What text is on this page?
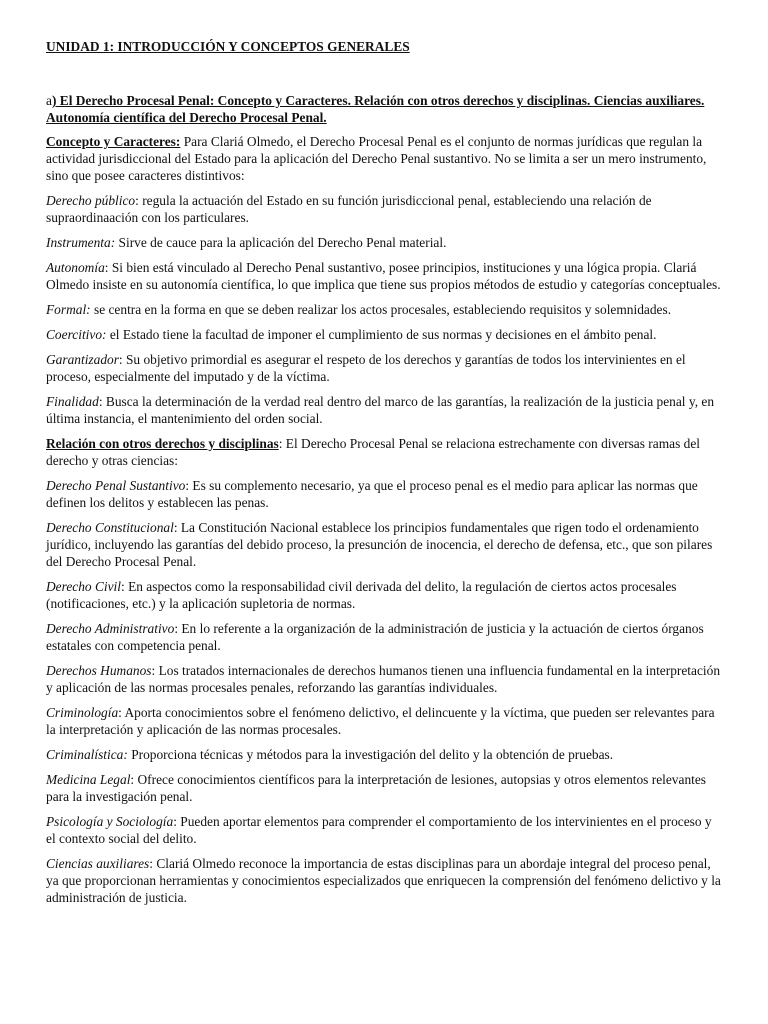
UNIDAD 1: INTRODUCCIÓN Y CONCEPTOS GENERALES
a) El Derecho Procesal Penal: Concepto y Caracteres. Relación con otros derechos y disciplinas. Ciencias auxiliares. Autonomía científica del Derecho Procesal Penal.

Concepto y Caracteres: Para Clariá Olmedo, el Derecho Procesal Penal es el conjunto de normas jurídicas que regulan la actividad jurisdiccional del Estado para la aplicación del Derecho Penal sustantivo. No se limita a ser un mero instrumento, sino que posee caracteres distintivos:

Derecho público: regula la actuación del Estado en su función jurisdiccional penal, estableciendo una relación de supraordinaación con los particulares.

Instrumenta: Sirve de cauce para la aplicación del Derecho Penal material.

Autonomía: Si bien está vinculado al Derecho Penal sustantivo, posee principios, instituciones y una lógica propia. Clariá Olmedo insiste en su autonomía científica, lo que implica que tiene sus propios métodos de estudio y categorías conceptuales.

Formal: se centra en la forma en que se deben realizar los actos procesales, estableciendo requisitos y solemnidades.

Coercitivo: el Estado tiene la facultad de imponer el cumplimiento de sus normas y decisiones en el ámbito penal.

Garantizador: Su objetivo primordial es asegurar el respeto de los derechos y garantías de todos los intervinientes en el proceso, especialmente del imputado y de la víctima.

Finalidad: Busca la determinación de la verdad real dentro del marco de las garantías, la realización de la justicia penal y, en última instancia, el mantenimiento del orden social.

Relación con otros derechos y disciplinas: El Derecho Procesal Penal se relaciona estrechamente con diversas ramas del derecho y otras ciencias:

Derecho Penal Sustantivo: Es su complemento necesario, ya que el proceso penal es el medio para aplicar las normas que definen los delitos y establecen las penas.

Derecho Constitucional: La Constitución Nacional establece los principios fundamentales que rigen todo el ordenamiento jurídico, incluyendo las garantías del debido proceso, la presunción de inocencia, el derecho de defensa, etc., que son pilares del Derecho Procesal Penal.

Derecho Civil: En aspectos como la responsabilidad civil derivada del delito, la regulación de ciertos actos procesales (notificaciones, etc.) y la aplicación supletoria de normas.

Derecho Administrativo: En lo referente a la organización de la administración de justicia y la actuación de ciertos órganos estatales con competencia penal.

Derechos Humanos: Los tratados internacionales de derechos humanos tienen una influencia fundamental en la interpretación y aplicación de las normas procesales penales, reforzando las garantías individuales.

Criminología: Aporta conocimientos sobre el fenómeno delictivo, el delincuente y la víctima, que pueden ser relevantes para la interpretación y aplicación de las normas procesales.

Criminalística: Proporciona técnicas y métodos para la investigación del delito y la obtención de pruebas.

Medicina Legal: Ofrece conocimientos científicos para la interpretación de lesiones, autopsias y otros elementos relevantes para la investigación penal.

Psicología y Sociología: Pueden aportar elementos para comprender el comportamiento de los intervinientes en el proceso y el contexto social del delito.

Ciencias auxiliares: Clariá Olmedo reconoce la importancia de estas disciplinas para un abordaje integral del proceso penal, ya que proporcionan herramientas y conocimientos especializados que enriquecen la comprensión del fenómeno delictivo y la administración de justicia.
